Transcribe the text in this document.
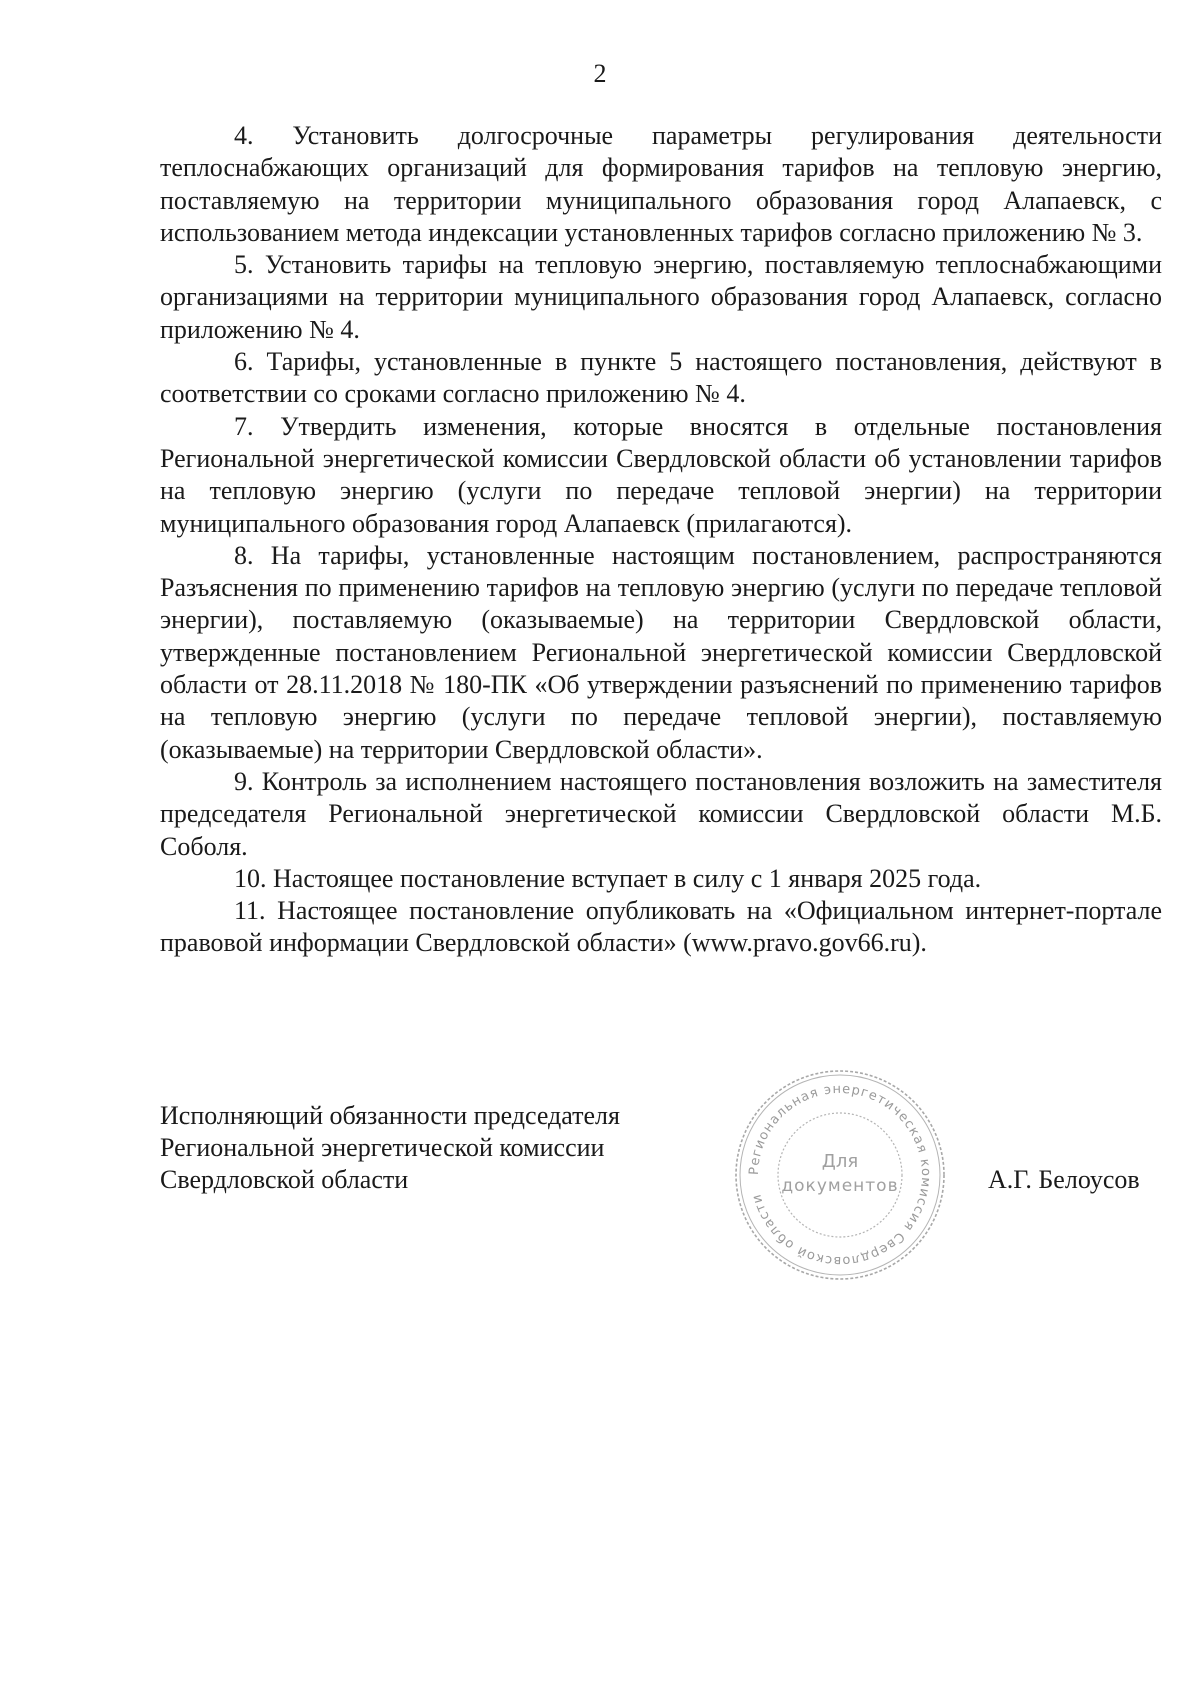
2

4. Установить долгосрочные параметры регулирования деятельности теплоснабжающих организаций для формирования тарифов на тепловую энергию, поставляемую на территории муниципального образования город Алапаевск, с использованием метода индексации установленных тарифов согласно приложению № 3.

5. Установить тарифы на тепловую энергию, поставляемую теплоснабжающими организациями на территории муниципального образования город Алапаевск, согласно приложению № 4.

6. Тарифы, установленные в пункте 5 настоящего постановления, действуют в соответствии со сроками согласно приложению № 4.

7. Утвердить изменения, которые вносятся в отдельные постановления Региональной энергетической комиссии Свердловской области об установлении тарифов на тепловую энергию (услуги по передаче тепловой энергии) на территории муниципального образования город Алапаевск (прилагаются).

8. На тарифы, установленные настоящим постановлением, распространяются Разъяснения по применению тарифов на тепловую энергию (услуги по передаче тепловой энергии), поставляемую (оказываемые) на территории Свердловской области, утвержденные постановлением Региональной энергетической комиссии Свердловской области от 28.11.2018 № 180-ПК «Об утверждении разъяснений по применению тарифов на тепловую энергию (услуги по передаче тепловой энергии), поставляемую (оказываемые) на территории Свердловской области».

9. Контроль за исполнением настоящего постановления возложить на заместителя председателя Региональной энергетической комиссии Свердловской области М.Б. Соболя.

10. Настоящее постановление вступает в силу с 1 января 2025 года.

11. Настоящее постановление опубликовать на «Официальном интернет-портале правовой информации Свердловской области» (www.pravo.gov66.ru).

Исполняющий обязанности председателя
Региональной энергетической комиссии
Свердловской области	Региональная энергетическая комиссия Свердловской области
Для
документов	А.Г. Белоусов
